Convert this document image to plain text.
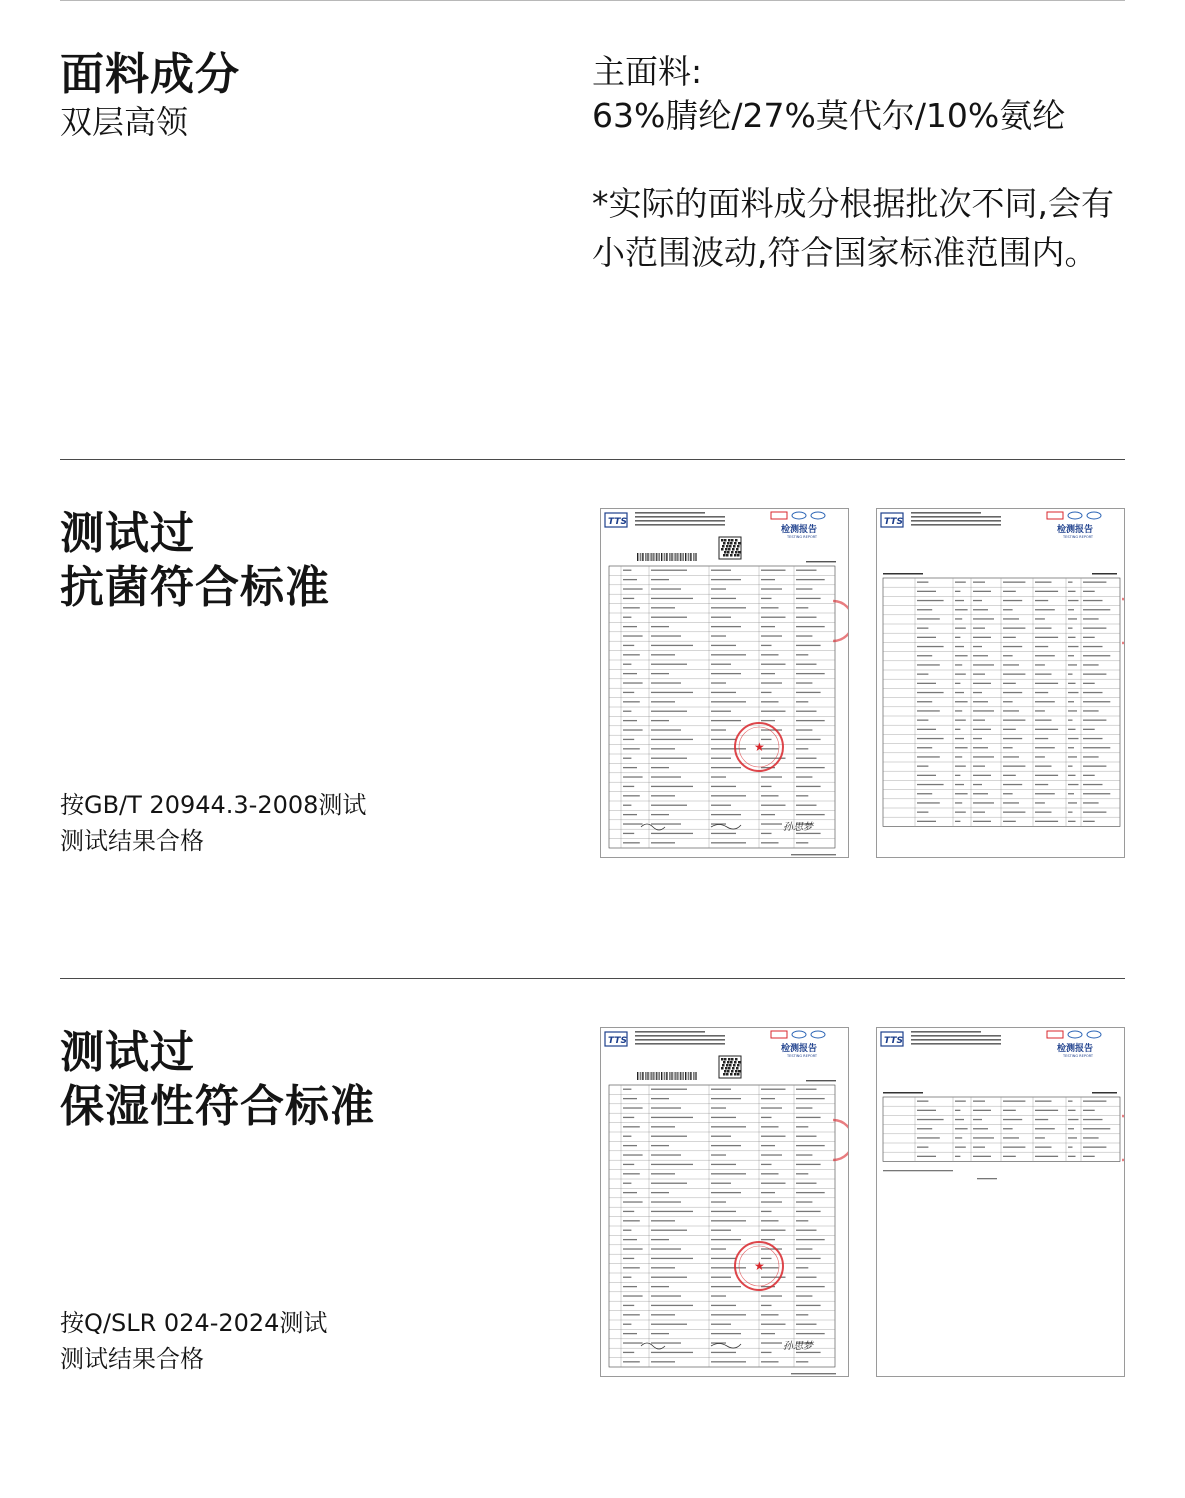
面料成分
双层高领
主面料:
63%腈纶/27%莫代尔/10%氨纶
*实际的面料成分根据批次不同,会有小范围波动,符合国家标准范围内。
测试过
抗菌符合标准
按GB/T 20944.3-2008测试
测试结果合格
TTS
检测报告
TESTING REPORT
★
孙思梦
TTS
检测报告
TESTING REPORT
测试过
保湿性符合标准
按Q/SLR 024-2024测试
测试结果合格
TTS
检测报告
TESTING REPORT
★
孙思梦
TTS
检测报告
TESTING REPORT
